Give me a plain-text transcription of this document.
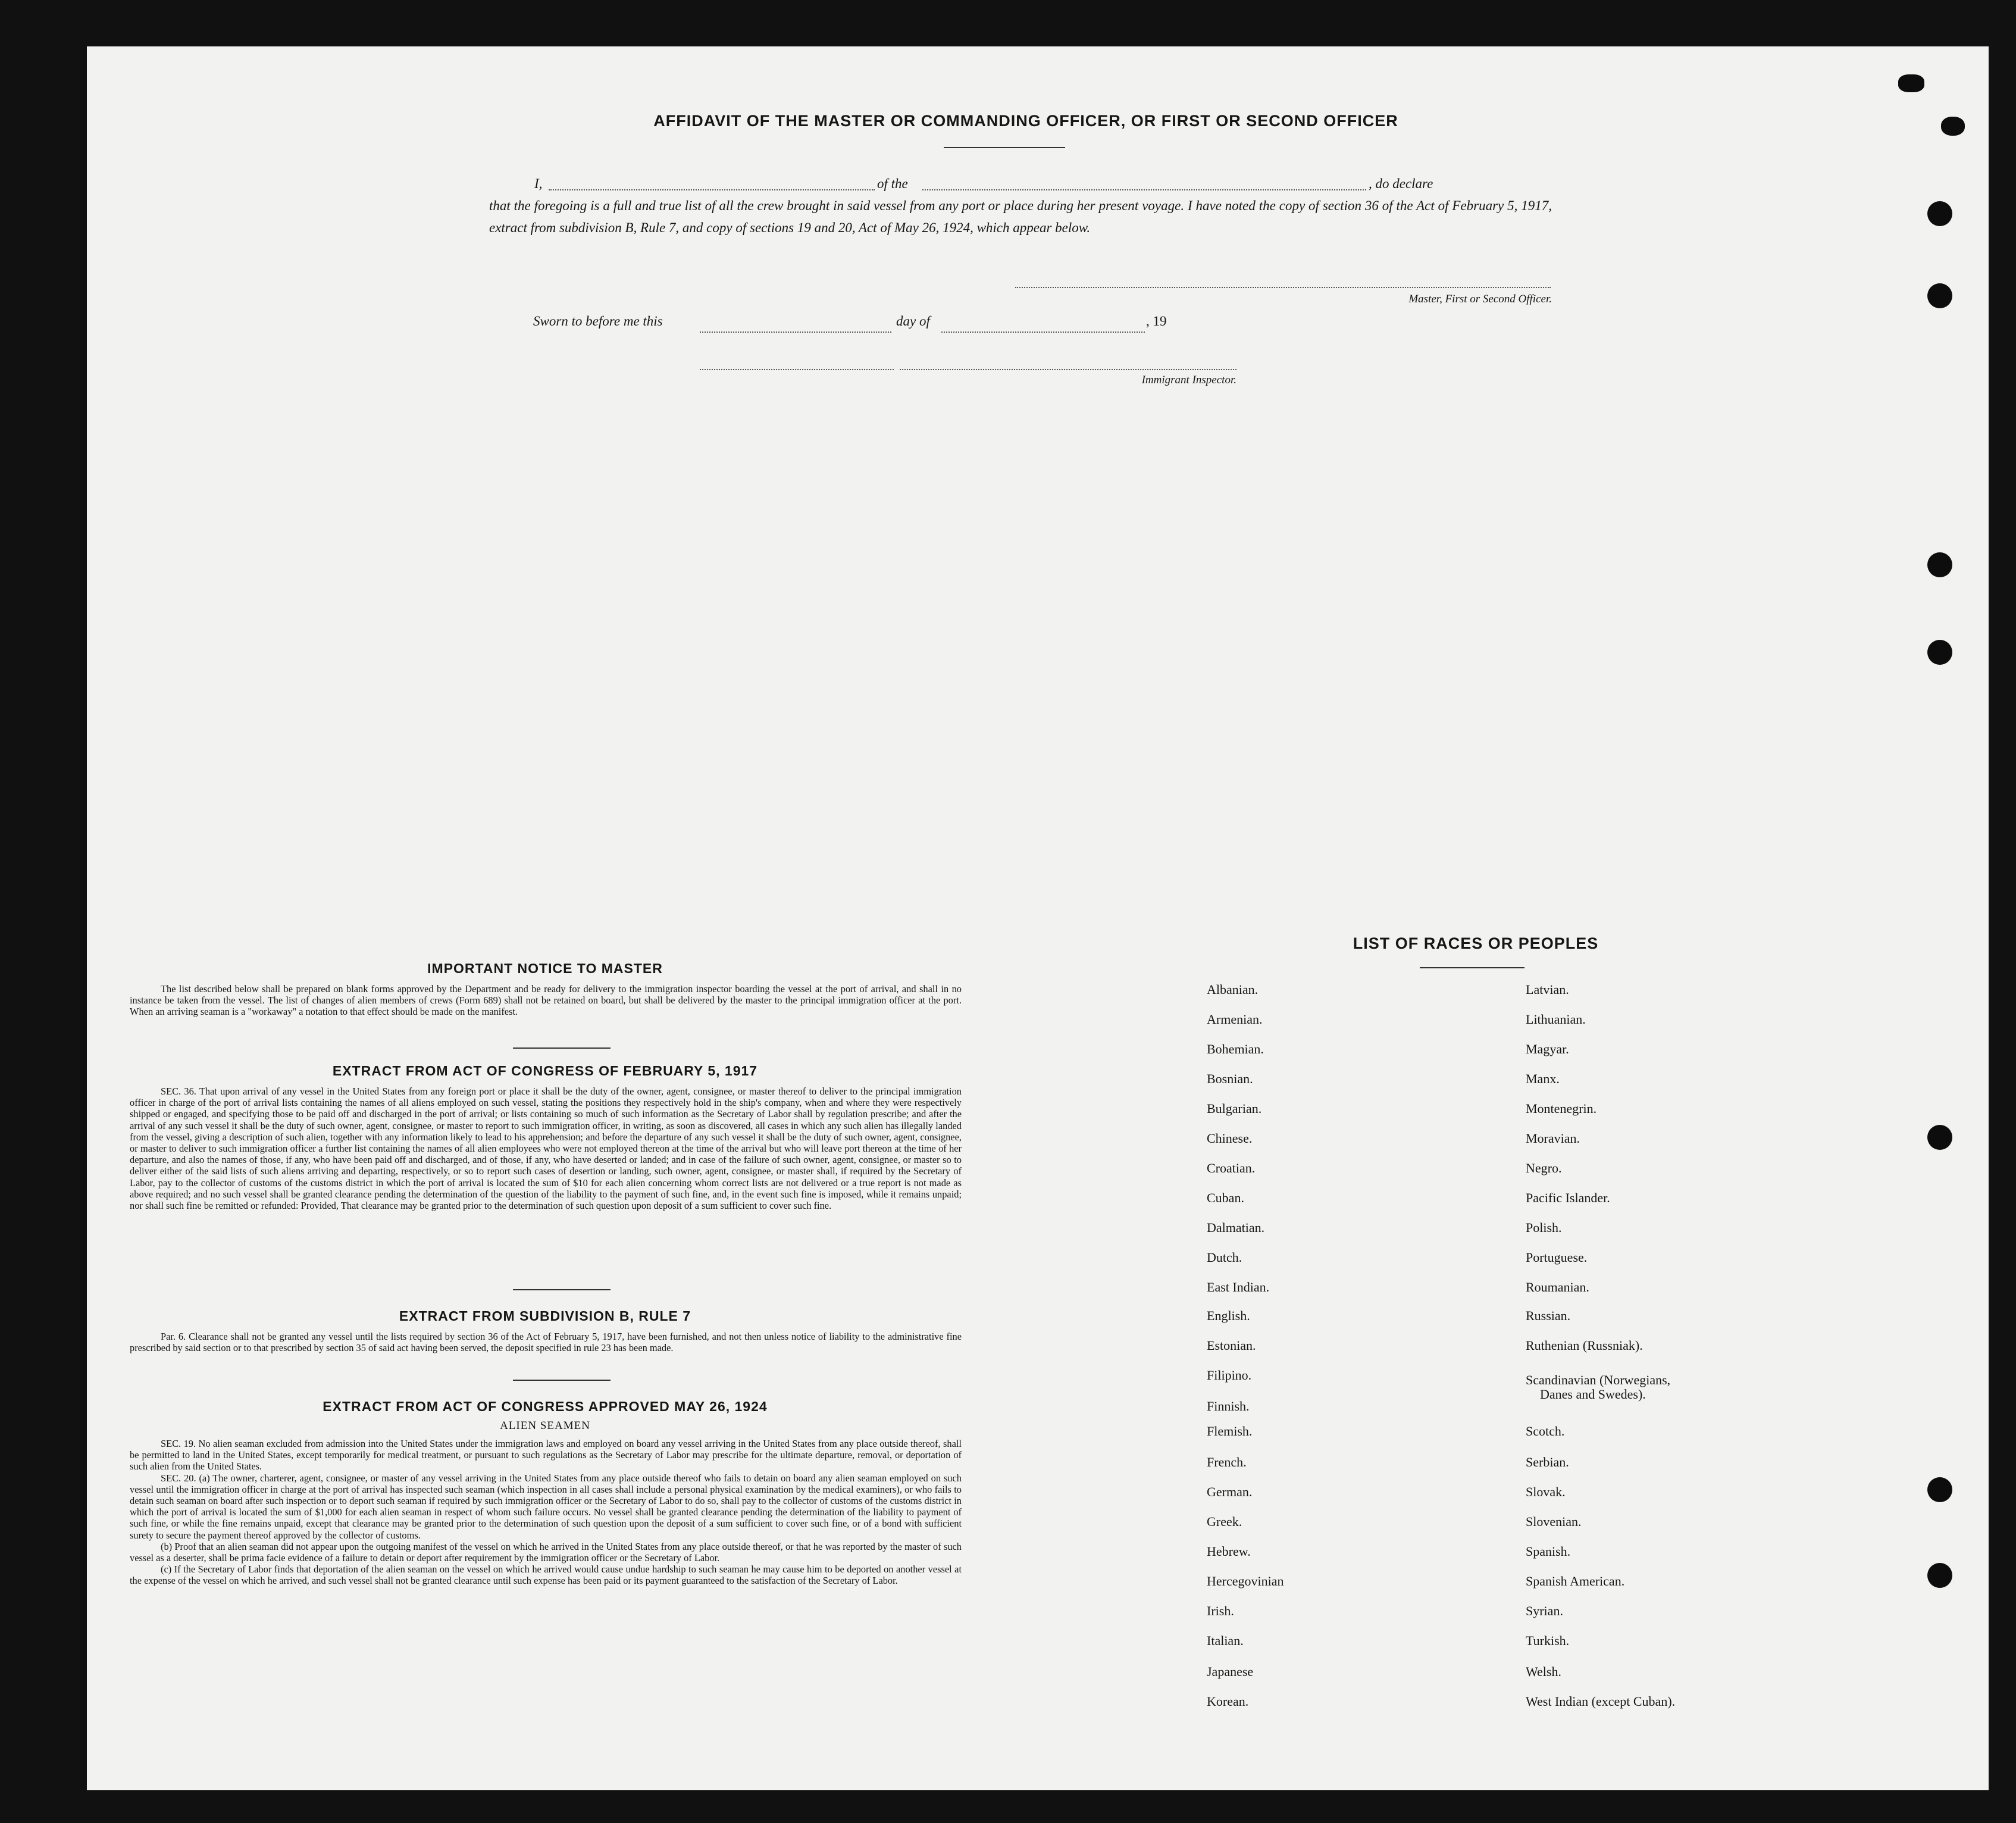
AFFIDAVIT OF THE MASTER OR COMMANDING OFFICER, OR FIRST OR SECOND OFFICER
I,	of the	, do declare
that the foregoing is a full and true list of all the crew brought in said vessel from any port or place during her present voyage. I have noted the copy of section 36 of the Act of February 5, 1917, extract from subdivision B, Rule 7, and copy of sections 19 and 20, Act of May 26, 1924, which appear below.
Master, First or Second Officer.
Sworn to before me this	day of	, 19
Immigrant Inspector.
IMPORTANT NOTICE TO MASTER
The list described below shall be prepared on blank forms approved by the Department and be ready for delivery to the immigration inspector boarding the vessel at the port of arrival, and shall in no instance be taken from the vessel. The list of changes of alien members of crews (Form 689) shall not be retained on board, but shall be delivered by the master to the principal immigration officer at the port. When an arriving seaman is a "workaway" a notation to that effect should be made on the manifest.
EXTRACT FROM ACT OF CONGRESS OF FEBRUARY 5, 1917
SEC. 36. That upon arrival of any vessel in the United States from any foreign port or place it shall be the duty of the owner, agent, consignee, or master thereof to deliver to the principal immigration officer in charge of the port of arrival lists containing the names of all aliens employed on such vessel, stating the positions they respectively hold in the ship's company, when and where they were respectively shipped or engaged, and specifying those to be paid off and discharged in the port of arrival; or lists containing so much of such information as the Secretary of Labor shall by regulation prescribe; and after the arrival of any such vessel it shall be the duty of such owner, agent, consignee, or master to report to such immigration officer, in writing, as soon as discovered, all cases in which any such alien has illegally landed from the vessel, giving a description of such alien, together with any information likely to lead to his apprehension; and before the departure of any such vessel it shall be the duty of such owner, agent, consignee, or master to deliver to such immigration officer a further list containing the names of all alien employees who were not employed thereon at the time of the arrival but who will leave port thereon at the time of her departure, and also the names of those, if any, who have been paid off and discharged, and of those, if any, who have deserted or landed; and in case of the failure of such owner, agent, consignee, or master so to deliver either of the said lists of such aliens arriving and departing, respectively, or so to report such cases of desertion or landing, such owner, agent, consignee, or master shall, if required by the Secretary of Labor, pay to the collector of customs of the customs district in which the port of arrival is located the sum of $10 for each alien concerning whom correct lists are not delivered or a true report is not made as above required; and no such vessel shall be granted clearance pending the determination of the question of the liability to the payment of such fine, and, in the event such fine is imposed, while it remains unpaid; nor shall such fine be remitted or refunded: Provided, That clearance may be granted prior to the determination of such question upon deposit of a sum sufficient to cover such fine.
EXTRACT FROM SUBDIVISION B, RULE 7
Par. 6. Clearance shall not be granted any vessel until the lists required by section 36 of the Act of February 5, 1917, have been furnished, and not then unless notice of liability to the administrative fine prescribed by said section or to that prescribed by section 35 of said act having been served, the deposit specified in rule 23 has been made.
EXTRACT FROM ACT OF CONGRESS APPROVED MAY 26, 1924
ALIEN SEAMEN
SEC. 19. No alien seaman excluded from admission into the United States under the immigration laws and employed on board any vessel arriving in the United States from any place outside thereof, shall be permitted to land in the United States, except temporarily for medical treatment, or pursuant to such regulations as the Secretary of Labor may prescribe for the ultimate departure, removal, or deportation of such alien from the United States.
SEC. 20. (a) The owner, charterer, agent, consignee, or master of any vessel arriving in the United States from any place outside thereof who fails to detain on board any alien seaman employed on such vessel until the immigration officer in charge at the port of arrival has inspected such seaman (which inspection in all cases shall include a personal physical examination by the medical examiners), or who fails to detain such seaman on board after such inspection or to deport such seaman if required by such immigration officer or the Secretary of Labor to do so, shall pay to the collector of customs of the customs district in which the port of arrival is located the sum of $1,000 for each alien seaman in respect of whom such failure occurs. No vessel shall be granted clearance pending the determination of the liability to payment of such fine, or while the fine remains unpaid, except that clearance may be granted prior to the determination of such question upon the deposit of a sum sufficient to cover such fine, or of a bond with sufficient surety to secure the payment thereof approved by the collector of customs.
(b) Proof that an alien seaman did not appear upon the outgoing manifest of the vessel on which he arrived in the United States from any place outside thereof, or that he was reported by the master of such vessel as a deserter, shall be prima facie evidence of a failure to detain or deport after requirement by the immigration officer or the Secretary of Labor.
(c) If the Secretary of Labor finds that deportation of the alien seaman on the vessel on which he arrived would cause undue hardship to such seaman he may cause him to be deported on another vessel at the expense of the vessel on which he arrived, and such vessel shall not be granted clearance until such expense has been paid or its payment guaranteed to the satisfaction of the Secretary of Labor.
LIST OF RACES OR PEOPLES
Albanian.
Armenian.
Bohemian.
Bosnian.
Bulgarian.
Chinese.
Croatian.
Cuban.
Dalmatian.
Dutch.
East Indian.
English.
Estonian.
Filipino.
Finnish.
Flemish.
French.
German.
Greek.
Hebrew.
Hercegovinian
Irish.
Italian.
Japanese
Korean.
Latvian.
Lithuanian.
Magyar.
Manx.
Montenegrin.
Moravian.
Negro.
Pacific Islander.
Polish.
Portuguese.
Roumanian.
Russian.
Ruthenian (Russniak).
Scandinavian (Norwegians,
Danes and Swedes).
Scotch.
Serbian.
Slovak.
Slovenian.
Spanish.
Spanish American.
Syrian.
Turkish.
Welsh.
West Indian (except Cuban).
